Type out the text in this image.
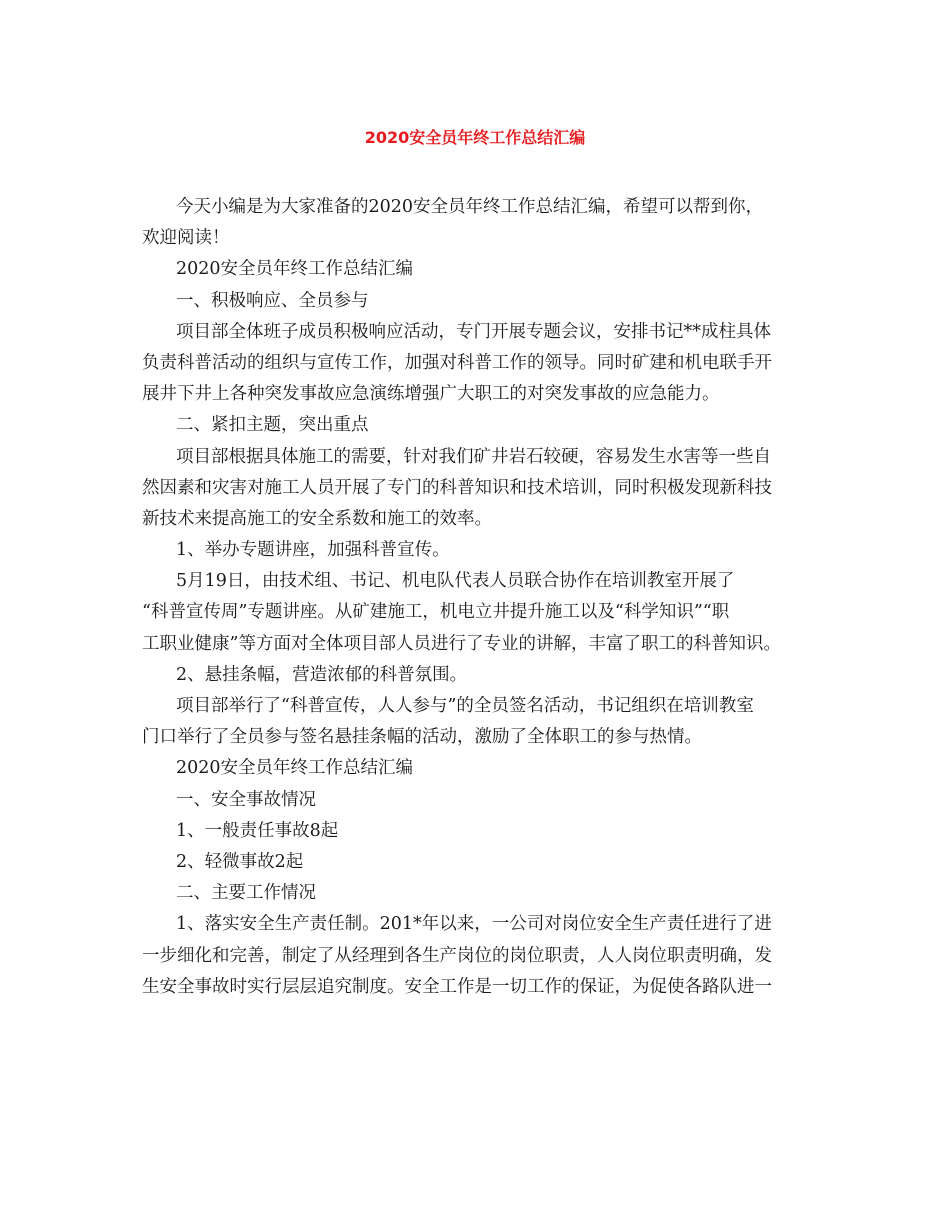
2020安全员年终工作总结汇编
今天小编是为大家准备的2020安全员年终工作总结汇编，希望可以帮到你，
欢迎阅读！
2020安全员年终工作总结汇编
一、积极响应、全员参与
项目部全体班子成员积极响应活动，专门开展专题会议，安排书记**成柱具体
负责科普活动的组织与宣传工作，加强对科普工作的领导。同时矿建和机电联手开
展井下井上各种突发事故应急演练增强广大职工的对突发事故的应急能力。
二、紧扣主题，突出重点
项目部根据具体施工的需要，针对我们矿井岩石较硬，容易发生水害等一些自
然因素和灾害对施工人员开展了专门的科普知识和技术培训，同时积极发现新科技
新技术来提高施工的安全系数和施工的效率。
1、举办专题讲座，加强科普宣传。
5月19日，由技术组、书记、机电队代表人员联合协作在培训教室开展了
“科普宣传周”专题讲座。从矿建施工，机电立井提升施工以及“科学知识”“职
工职业健康”等方面对全体项目部人员进行了专业的讲解，丰富了职工的科普知识。
2、悬挂条幅，营造浓郁的科普氛围。
项目部举行了“科普宣传，人人参与”的全员签名活动，书记组织在培训教室
门口举行了全员参与签名悬挂条幅的活动，激励了全体职工的参与热情。
2020安全员年终工作总结汇编
一、安全事故情况
1、一般责任事故8起
2、轻微事故2起
二、主要工作情况
1、落实安全生产责任制。201*年以来，一公司对岗位安全生产责任进行了进
一步细化和完善，制定了从经理到各生产岗位的岗位职责，人人岗位职责明确，发
生安全事故时实行层层追究制度。安全工作是一切工作的保证，为促使各路队进一
